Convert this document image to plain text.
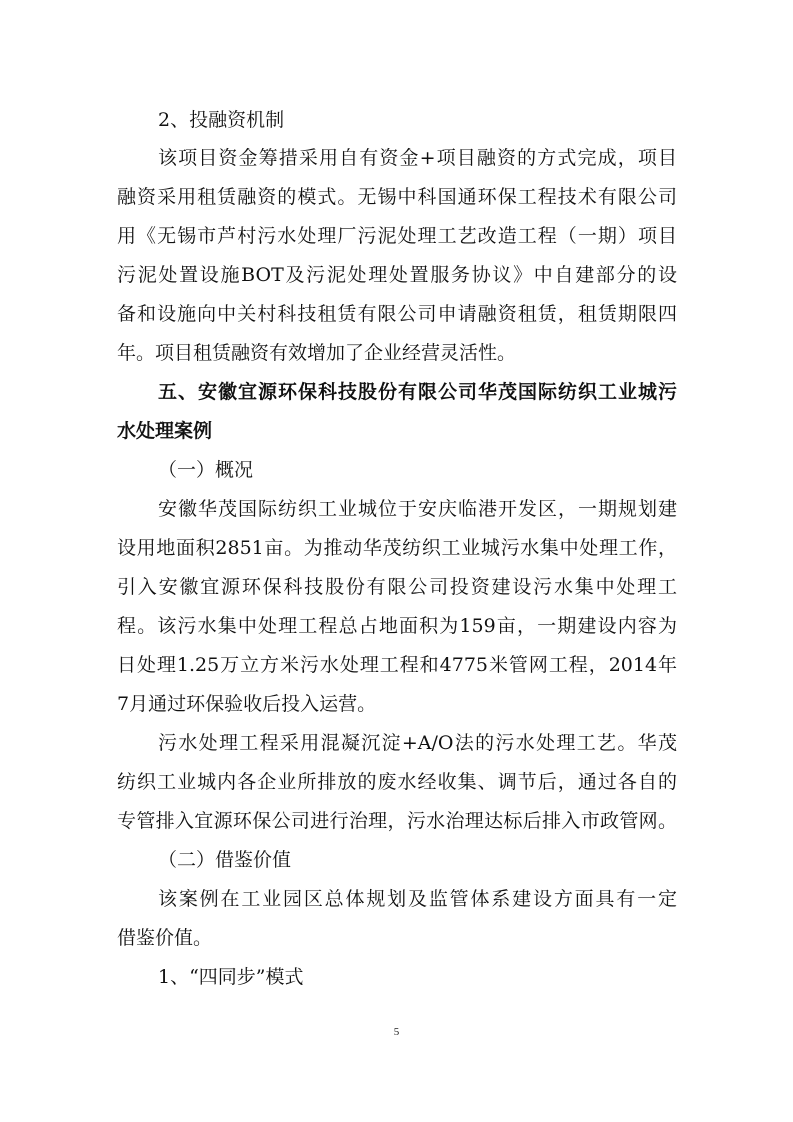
2、投融资机制
该项目资金筹措采用自有资金+项目融资的方式完成，项目
融资采用租赁融资的模式。无锡中科国通环保工程技术有限公司
用《无锡市芦村污水处理厂污泥处理工艺改造工程（一期）项目
污泥处置设施BOT及污泥处理处置服务协议》中自建部分的设
备和设施向中关村科技租赁有限公司申请融资租赁，租赁期限四
年。项目租赁融资有效增加了企业经营灵活性。
五、安徽宜源环保科技股份有限公司华茂国际纺织工业城污
水处理案例
（一）概况
安徽华茂国际纺织工业城位于安庆临港开发区，一期规划建
设用地面积2851亩。为推动华茂纺织工业城污水集中处理工作，
引入安徽宜源环保科技股份有限公司投资建设污水集中处理工
程。该污水集中处理工程总占地面积为159亩，一期建设内容为
日处理1.25万立方米污水处理工程和4775米管网工程，2014年
7月通过环保验收后投入运营。
污水处理工程采用混凝沉淀+A/O法的污水处理工艺。华茂
纺织工业城内各企业所排放的废水经收集、调节后，通过各自的
专管排入宜源环保公司进行治理，污水治理达标后排入市政管网。
（二）借鉴价值
该案例在工业园区总体规划及监管体系建设方面具有一定
借鉴价值。
1、“四同步”模式
5
